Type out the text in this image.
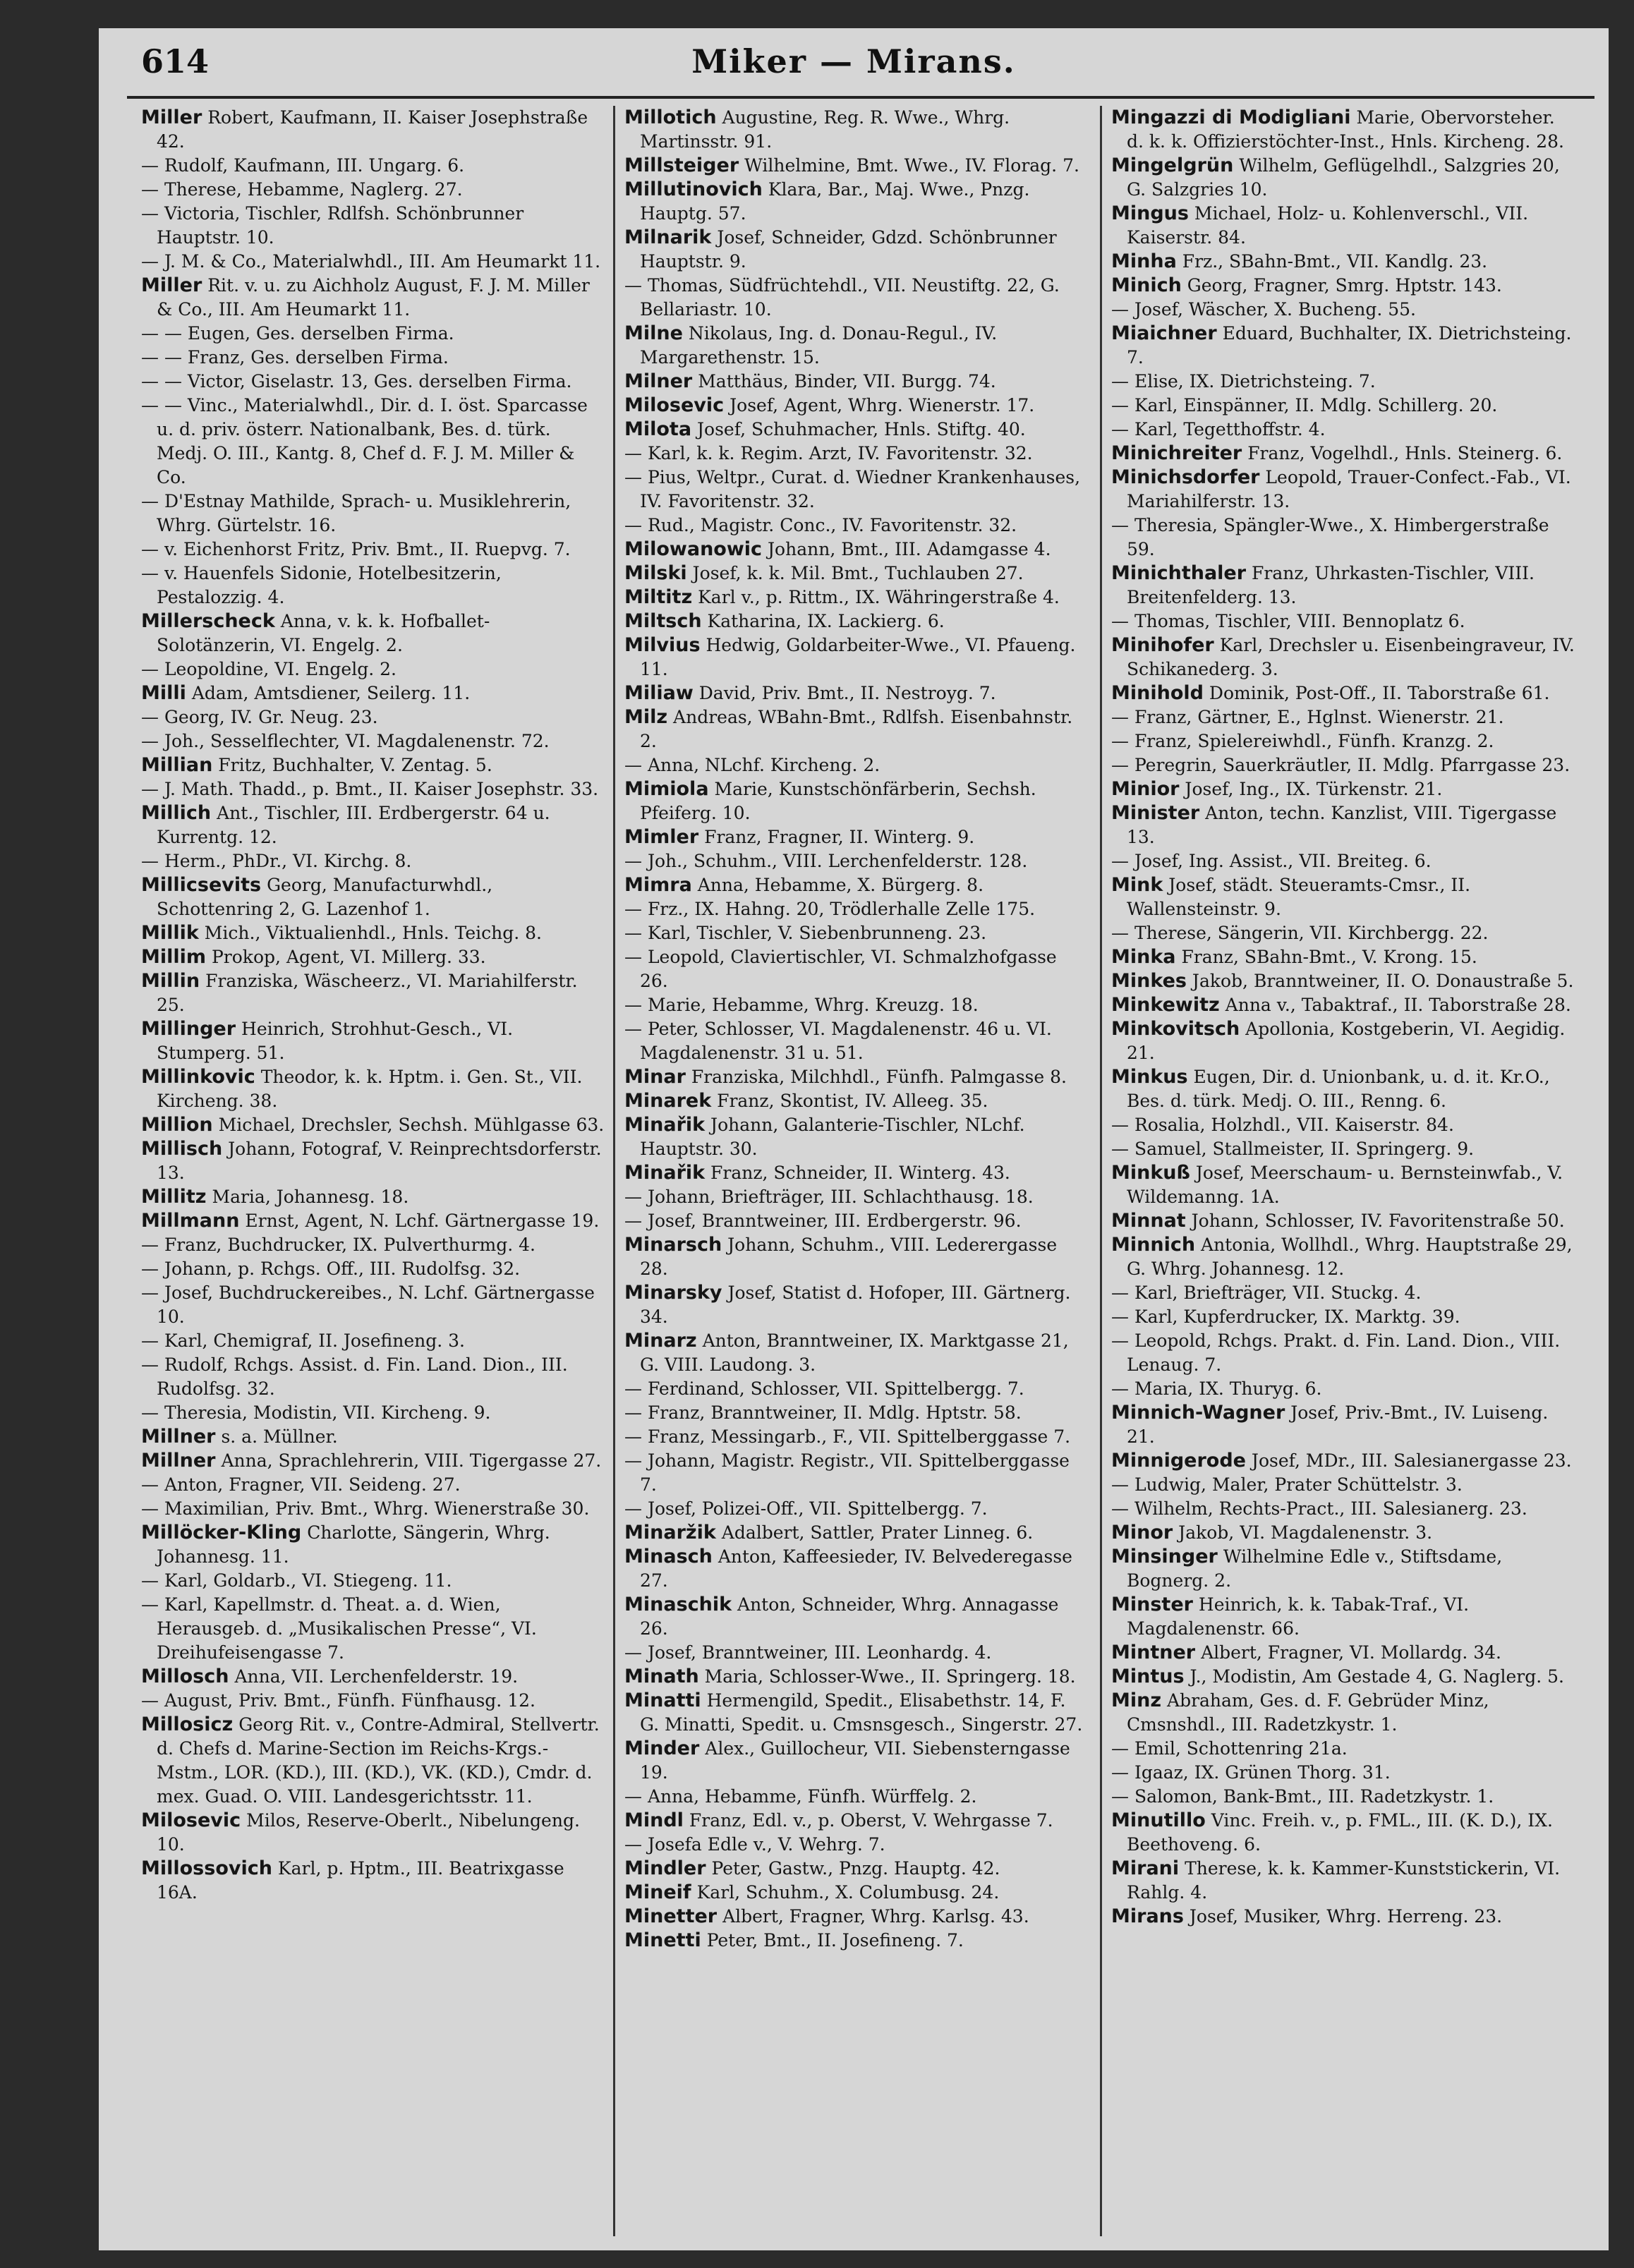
614	Miker — Mirans.

Miller Robert, Kaufmann, II. Kaiser Josephstraße 42.

— Rudolf, Kaufmann, III. Ungarg. 6.

— Therese, Hebamme, Naglerg. 27.

— Victoria, Tischler, Rdlfsh. Schönbrunner Hauptstr. 10.

— J. M. & Co., Materialwhdl., III. Am Heumarkt 11.

Miller Rit. v. u. zu Aichholz August, F. J. M. Miller & Co., III. Am Heumarkt 11.

— — Eugen, Ges. derselben Firma.

— — Franz, Ges. derselben Firma.

— — Victor, Giselastr. 13, Ges. derselben Firma.

— — Vinc., Materialwhdl., Dir. d. I. öst. Sparcasse u. d. priv. österr. Nationalbank, Bes. d. türk. Medj. O. III., Kantg. 8, Chef d. F. J. M. Miller & Co.

— D'Estnay Mathilde, Sprach- u. Musiklehrerin, Whrg. Gürtelstr. 16.

— v. Eichenhorst Fritz, Priv. Bmt., II. Ruepvg. 7.

— v. Hauenfels Sidonie, Hotelbesitzerin, Pestalozzig. 4.

Millerscheck Anna, v. k. k. Hofballet-Solotänzerin, VI. Engelg. 2.

— Leopoldine, VI. Engelg. 2.

Milli Adam, Amtsdiener, Seilerg. 11.

— Georg, IV. Gr. Neug. 23.

— Joh., Sesselflechter, VI. Magdalenenstr. 72.

Millian Fritz, Buchhalter, V. Zentag. 5.

— J. Math. Thadd., p. Bmt., II. Kaiser Josephstr. 33.

Millich Ant., Tischler, III. Erdbergerstr. 64 u. Kurrentg. 12.

— Herm., PhDr., VI. Kirchg. 8.

Millicsevits Georg, Manufacturwhdl., Schottenring 2, G. Lazenhof 1.

Millik Mich., Viktualienhdl., Hnls. Teichg. 8.

Millim Prokop, Agent, VI. Millerg. 33.

Millin Franziska, Wäscheerz., VI. Mariahilferstr. 25.

Millinger Heinrich, Strohhut-Gesch., VI. Stumperg. 51.

Millinkovic Theodor, k. k. Hptm. i. Gen. St., VII. Kircheng. 38.

Million Michael, Drechsler, Sechsh. Mühlgasse 63.

Millisch Johann, Fotograf, V. Reinprechtsdorferstr. 13.

Millitz Maria, Johannesg. 18.

Millmann Ernst, Agent, N. Lchf. Gärtnergasse 19.

— Franz, Buchdrucker, IX. Pulverthurmg. 4.

— Johann, p. Rchgs. Off., III. Rudolfsg. 32.

— Josef, Buchdruckereibes., N. Lchf. Gärtnergasse 10.

— Karl, Chemigraf, II. Josefineng. 3.

— Rudolf, Rchgs. Assist. d. Fin. Land. Dion., III. Rudolfsg. 32.

— Theresia, Modistin, VII. Kircheng. 9.

Millner s. a. Müllner.

Millner Anna, Sprachlehrerin, VIII. Tigergasse 27.

— Anton, Fragner, VII. Seideng. 27.

— Maximilian, Priv. Bmt., Whrg. Wienerstraße 30.

Millöcker-Kling Charlotte, Sängerin, Whrg. Johannesg. 11.

— Karl, Goldarb., VI. Stiegeng. 11.

— Karl, Kapellmstr. d. Theat. a. d. Wien, Herausgeb. d. „Musikalischen Presse“, VI. Dreihufeisengasse 7.

Millosch Anna, VII. Lerchenfelderstr. 19.

— August, Priv. Bmt., Fünfh. Fünfhausg. 12.

Millosicz Georg Rit. v., Contre-Admiral, Stellvertr. d. Chefs d. Marine-Section im Reichs-Krgs.-Mstm., LOR. (KD.), III. (KD.), VK. (KD.), Cmdr. d. mex. Guad. O. VIII. Landesgerichtsstr. 11.

Milosevic Milos, Reserve-Oberlt., Nibelungeng. 10.

Millossovich Karl, p. Hptm., III. Beatrixgasse 16A.

Millotich Augustine, Reg. R. Wwe., Whrg. Martinsstr. 91.

Millsteiger Wilhelmine, Bmt. Wwe., IV. Florag. 7.

Millutinovich Klara, Bar., Maj. Wwe., Pnzg. Hauptg. 57.

Milnarik Josef, Schneider, Gdzd. Schönbrunner Hauptstr. 9.

— Thomas, Südfrüchtehdl., VII. Neustiftg. 22, G. Bellariastr. 10.

Milne Nikolaus, Ing. d. Donau-Regul., IV. Margarethenstr. 15.

Milner Matthäus, Binder, VII. Burgg. 74.

Milosevic Josef, Agent, Whrg. Wienerstr. 17.

Milota Josef, Schuhmacher, Hnls. Stiftg. 40.

— Karl, k. k. Regim. Arzt, IV. Favoritenstr. 32.

— Pius, Weltpr., Curat. d. Wiedner Krankenhauses, IV. Favoritenstr. 32.

— Rud., Magistr. Conc., IV. Favoritenstr. 32.

Milowanowic Johann, Bmt., III. Adamgasse 4.

Milski Josef, k. k. Mil. Bmt., Tuchlauben 27.

Miltitz Karl v., p. Rittm., IX. Währingerstraße 4.

Miltsch Katharina, IX. Lackierg. 6.

Milvius Hedwig, Goldarbeiter-Wwe., VI. Pfaueng. 11.

Miliaw David, Priv. Bmt., II. Nestroyg. 7.

Milz Andreas, WBahn-Bmt., Rdlfsh. Eisenbahnstr. 2.

— Anna, NLchf. Kircheng. 2.

Mimiola Marie, Kunstschönfärberin, Sechsh. Pfeiferg. 10.

Mimler Franz, Fragner, II. Winterg. 9.

— Joh., Schuhm., VIII. Lerchenfelderstr. 128.

Mimra Anna, Hebamme, X. Bürgerg. 8.

— Frz., IX. Hahng. 20, Trödlerhalle Zelle 175.

— Karl, Tischler, V. Siebenbrunneng. 23.

— Leopold, Claviertischler, VI. Schmalzhofgasse 26.

— Marie, Hebamme, Whrg. Kreuzg. 18.

— Peter, Schlosser, VI. Magdalenenstr. 46 u. VI. Magdalenenstr. 31 u. 51.

Minar Franziska, Milchhdl., Fünfh. Palmgasse 8.

Minarek Franz, Skontist, IV. Alleeg. 35.

Minařik Johann, Galanterie-Tischler, NLchf. Hauptstr. 30.

Minařik Franz, Schneider, II. Winterg. 43.

— Johann, Briefträger, III. Schlachthausg. 18.

— Josef, Branntweiner, III. Erdbergerstr. 96.

Minarsch Johann, Schuhm., VIII. Lederergasse 28.

Minarsky Josef, Statist d. Hofoper, III. Gärtnerg. 34.

Minarz Anton, Branntweiner, IX. Marktgasse 21, G. VIII. Laudong. 3.

— Ferdinand, Schlosser, VII. Spittelbergg. 7.

— Franz, Branntweiner, II. Mdlg. Hptstr. 58.

— Franz, Messingarb., F., VII. Spittelberggasse 7.

— Johann, Magistr. Registr., VII. Spittelberggasse 7.

— Josef, Polizei-Off., VII. Spittelbergg. 7.

Minaržik Adalbert, Sattler, Prater Linneg. 6.

Minasch Anton, Kaffeesieder, IV. Belvederegasse 27.

Minaschik Anton, Schneider, Whrg. Annagasse 26.

— Josef, Branntweiner, III. Leonhardg. 4.

Minath Maria, Schlosser-Wwe., II. Springerg. 18.

Minatti Hermengild, Spedit., Elisabethstr. 14, F. G. Minatti, Spedit. u. Cmsnsgesch., Singerstr. 27.

Minder Alex., Guillocheur, VII. Siebensterngasse 19.

— Anna, Hebamme, Fünfh. Würffelg. 2.

Mindl Franz, Edl. v., p. Oberst, V. Wehrgasse 7.

— Josefa Edle v., V. Wehrg. 7.

Mindler Peter, Gastw., Pnzg. Hauptg. 42.

Mineif Karl, Schuhm., X. Columbusg. 24.

Minetter Albert, Fragner, Whrg. Karlsg. 43.

Minetti Peter, Bmt., II. Josefineng. 7.

Mingazzi di Modigliani Marie, Obervorsteher. d. k. k. Offizierstöchter-Inst., Hnls. Kircheng. 28.

Mingelgrün Wilhelm, Geflügelhdl., Salzgries 20, G. Salzgries 10.

Mingus Michael, Holz- u. Kohlenverschl., VII. Kaiserstr. 84.

Minha Frz., SBahn-Bmt., VII. Kandlg. 23.

Minich Georg, Fragner, Smrg. Hptstr. 143.

— Josef, Wäscher, X. Bucheng. 55.

Miaichner Eduard, Buchhalter, IX. Dietrichsteing. 7.

— Elise, IX. Dietrichsteing. 7.

— Karl, Einspänner, II. Mdlg. Schillerg. 20.

— Karl, Tegetthoffstr. 4.

Minichreiter Franz, Vogelhdl., Hnls. Steinerg. 6.

Minichsdorfer Leopold, Trauer-Confect.-Fab., VI. Mariahilferstr. 13.

— Theresia, Spängler-Wwe., X. Himbergerstraße 59.

Minichthaler Franz, Uhrkasten-Tischler, VIII. Breitenfelderg. 13.

— Thomas, Tischler, VIII. Bennoplatz 6.

Minihofer Karl, Drechsler u. Eisenbeingraveur, IV. Schikanederg. 3.

Minihold Dominik, Post-Off., II. Taborstraße 61.

— Franz, Gärtner, E., Hglnst. Wienerstr. 21.

— Franz, Spielereiwhdl., Fünfh. Kranzg. 2.

— Peregrin, Sauerkräutler, II. Mdlg. Pfarrgasse 23.

Minior Josef, Ing., IX. Türkenstr. 21.

Minister Anton, techn. Kanzlist, VIII. Tigergasse 13.

— Josef, Ing. Assist., VII. Breiteg. 6.

Mink Josef, städt. Steueramts-Cmsr., II. Wallensteinstr. 9.

— Therese, Sängerin, VII. Kirchbergg. 22.

Minka Franz, SBahn-Bmt., V. Krong. 15.

Minkes Jakob, Branntweiner, II. O. Donaustraße 5.

Minkewitz Anna v., Tabaktraf., II. Taborstraße 28.

Minkovitsch Apollonia, Kostgeberin, VI. Aegidig. 21.

Minkus Eugen, Dir. d. Unionbank, u. d. it. Kr.O., Bes. d. türk. Medj. O. III., Renng. 6.

— Rosalia, Holzhdl., VII. Kaiserstr. 84.

— Samuel, Stallmeister, II. Springerg. 9.

Minkuß Josef, Meerschaum- u. Bernsteinwfab., V. Wildemanng. 1A.

Minnat Johann, Schlosser, IV. Favoritenstraße 50.

Minnich Antonia, Wollhdl., Whrg. Hauptstraße 29, G. Whrg. Johannesg. 12.

— Karl, Briefträger, VII. Stuckg. 4.

— Karl, Kupferdrucker, IX. Marktg. 39.

— Leopold, Rchgs. Prakt. d. Fin. Land. Dion., VIII. Lenaug. 7.

— Maria, IX. Thuryg. 6.

Minnich-Wagner Josef, Priv.-Bmt., IV. Luiseng. 21.

Minnigerode Josef, MDr., III. Salesianergasse 23.

— Ludwig, Maler, Prater Schüttelstr. 3.

— Wilhelm, Rechts-Pract., III. Salesianerg. 23.

Minor Jakob, VI. Magdalenenstr. 3.

Minsinger Wilhelmine Edle v., Stiftsdame, Bognerg. 2.

Minster Heinrich, k. k. Tabak-Traf., VI. Magdalenenstr. 66.

Mintner Albert, Fragner, VI. Mollardg. 34.

Mintus J., Modistin, Am Gestade 4, G. Naglerg. 5.

Minz Abraham, Ges. d. F. Gebrüder Minz, Cmsnshdl., III. Radetzkystr. 1.

— Emil, Schottenring 21a.

— Igaaz, IX. Grünen Thorg. 31.

— Salomon, Bank-Bmt., III. Radetzkystr. 1.

Minutillo Vinc. Freih. v., p. FML., III. (K. D.), IX. Beethoveng. 6.

Mirani Therese, k. k. Kammer-Kunststickerin, VI. Rahlg. 4.

Mirans Josef, Musiker, Whrg. Herreng. 23.
